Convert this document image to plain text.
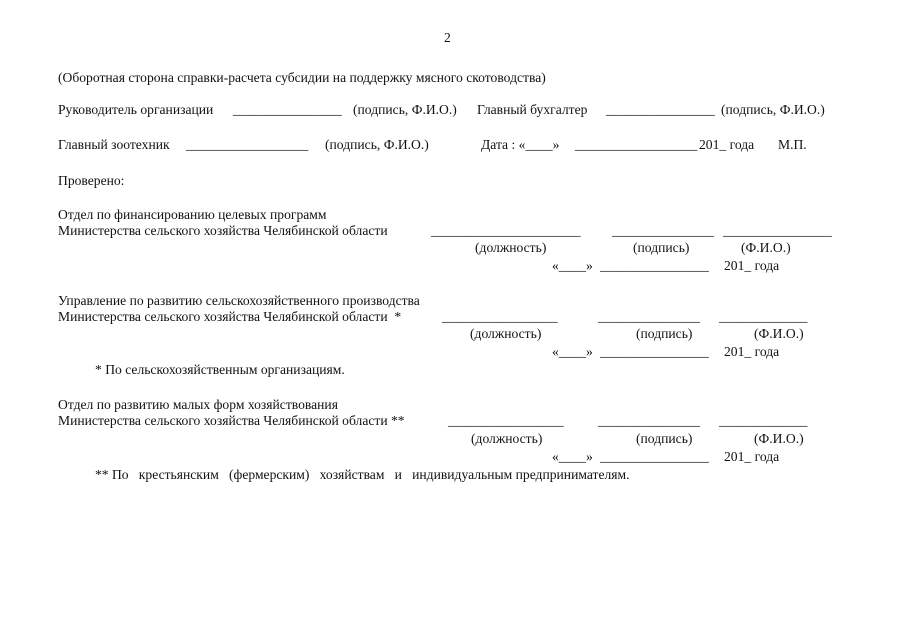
2
(Оборотная сторона справки-расчета субсидии на поддержку мясного скотоводства)
Руководитель организации ________________ (подпись, Ф.И.О.) Главный бухгалтер ________________ (подпись, Ф.И.О.)
Главный зоотехник __________________ (подпись, Ф.И.О.)	Дата : «____» __________________ 201_ года М.П.
Проверено:
Отдел по финансированию целевых программ
Министерства сельского хозяйства Челябинской области	______________________ _______________ ________________
(должность)	(подпись)	(Ф.И.О.)
«____» ________________ 201_ года
Управление по развитию сельскохозяйственного производства
Министерства сельского хозяйства Челябинской области  *	_________________	_______________ _____________
(должность)	(подпись)	(Ф.И.О.)
«____» ________________ 201_ года
* По сельскохозяйственным организациям.
Отдел по развитию малых форм хозяйствования
Министерства сельского хозяйства Челябинской области **	_________________	_______________ _____________
(должность)	(подпись)	(Ф.И.О.)
«____» ________________ 201_ года
** По   крестьянским   (фермерским)   хозяйствам   и   индивидуальным предпринимателям.
